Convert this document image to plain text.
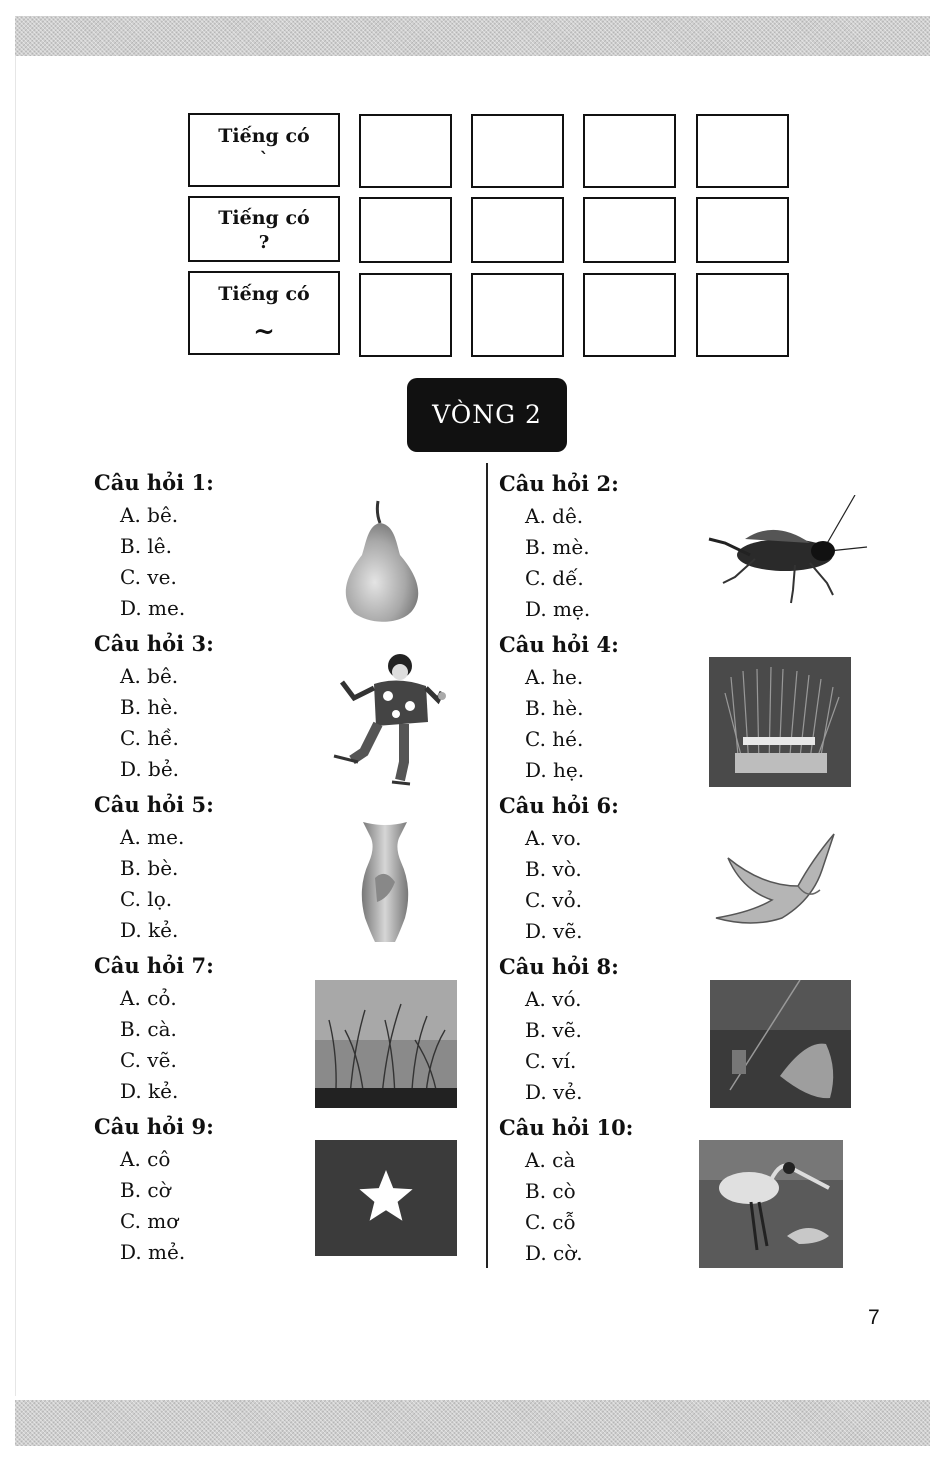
Tiếng có
`
Tiếng có
?
Tiếng có
~
VÒNG 2
Câu hỏi 1:
A. bê.
B. lê.
C. ve.
D. me.
Câu hỏi 3:
A. bê.
B. hè.
C. hề.
D. bẻ.
Câu hỏi 5:
A. me.
B. bè.
C. lọ.
D. kẻ.
Câu hỏi 7:
A. cỏ.
B. cà.
C. vẽ.
D. kẻ.
Câu hỏi 9:
A. cô
B. cờ
C. mơ
D. mẻ.
Câu hỏi 2:
A. dê.
B. mè.
C. dế.
D. mẹ.
Câu hỏi 4:
A. he.
B. hè.
C. hé.
D. hẹ.
Câu hỏi 6:
A. vo.
B. vò.
C. vỏ.
D. vẽ.
Câu hỏi 8:
A. vó.
B. vẽ.
C. ví.
D. vẻ.
Câu hỏi 10:
A. cà
B. cò
C. cỗ
D. cờ.
7
